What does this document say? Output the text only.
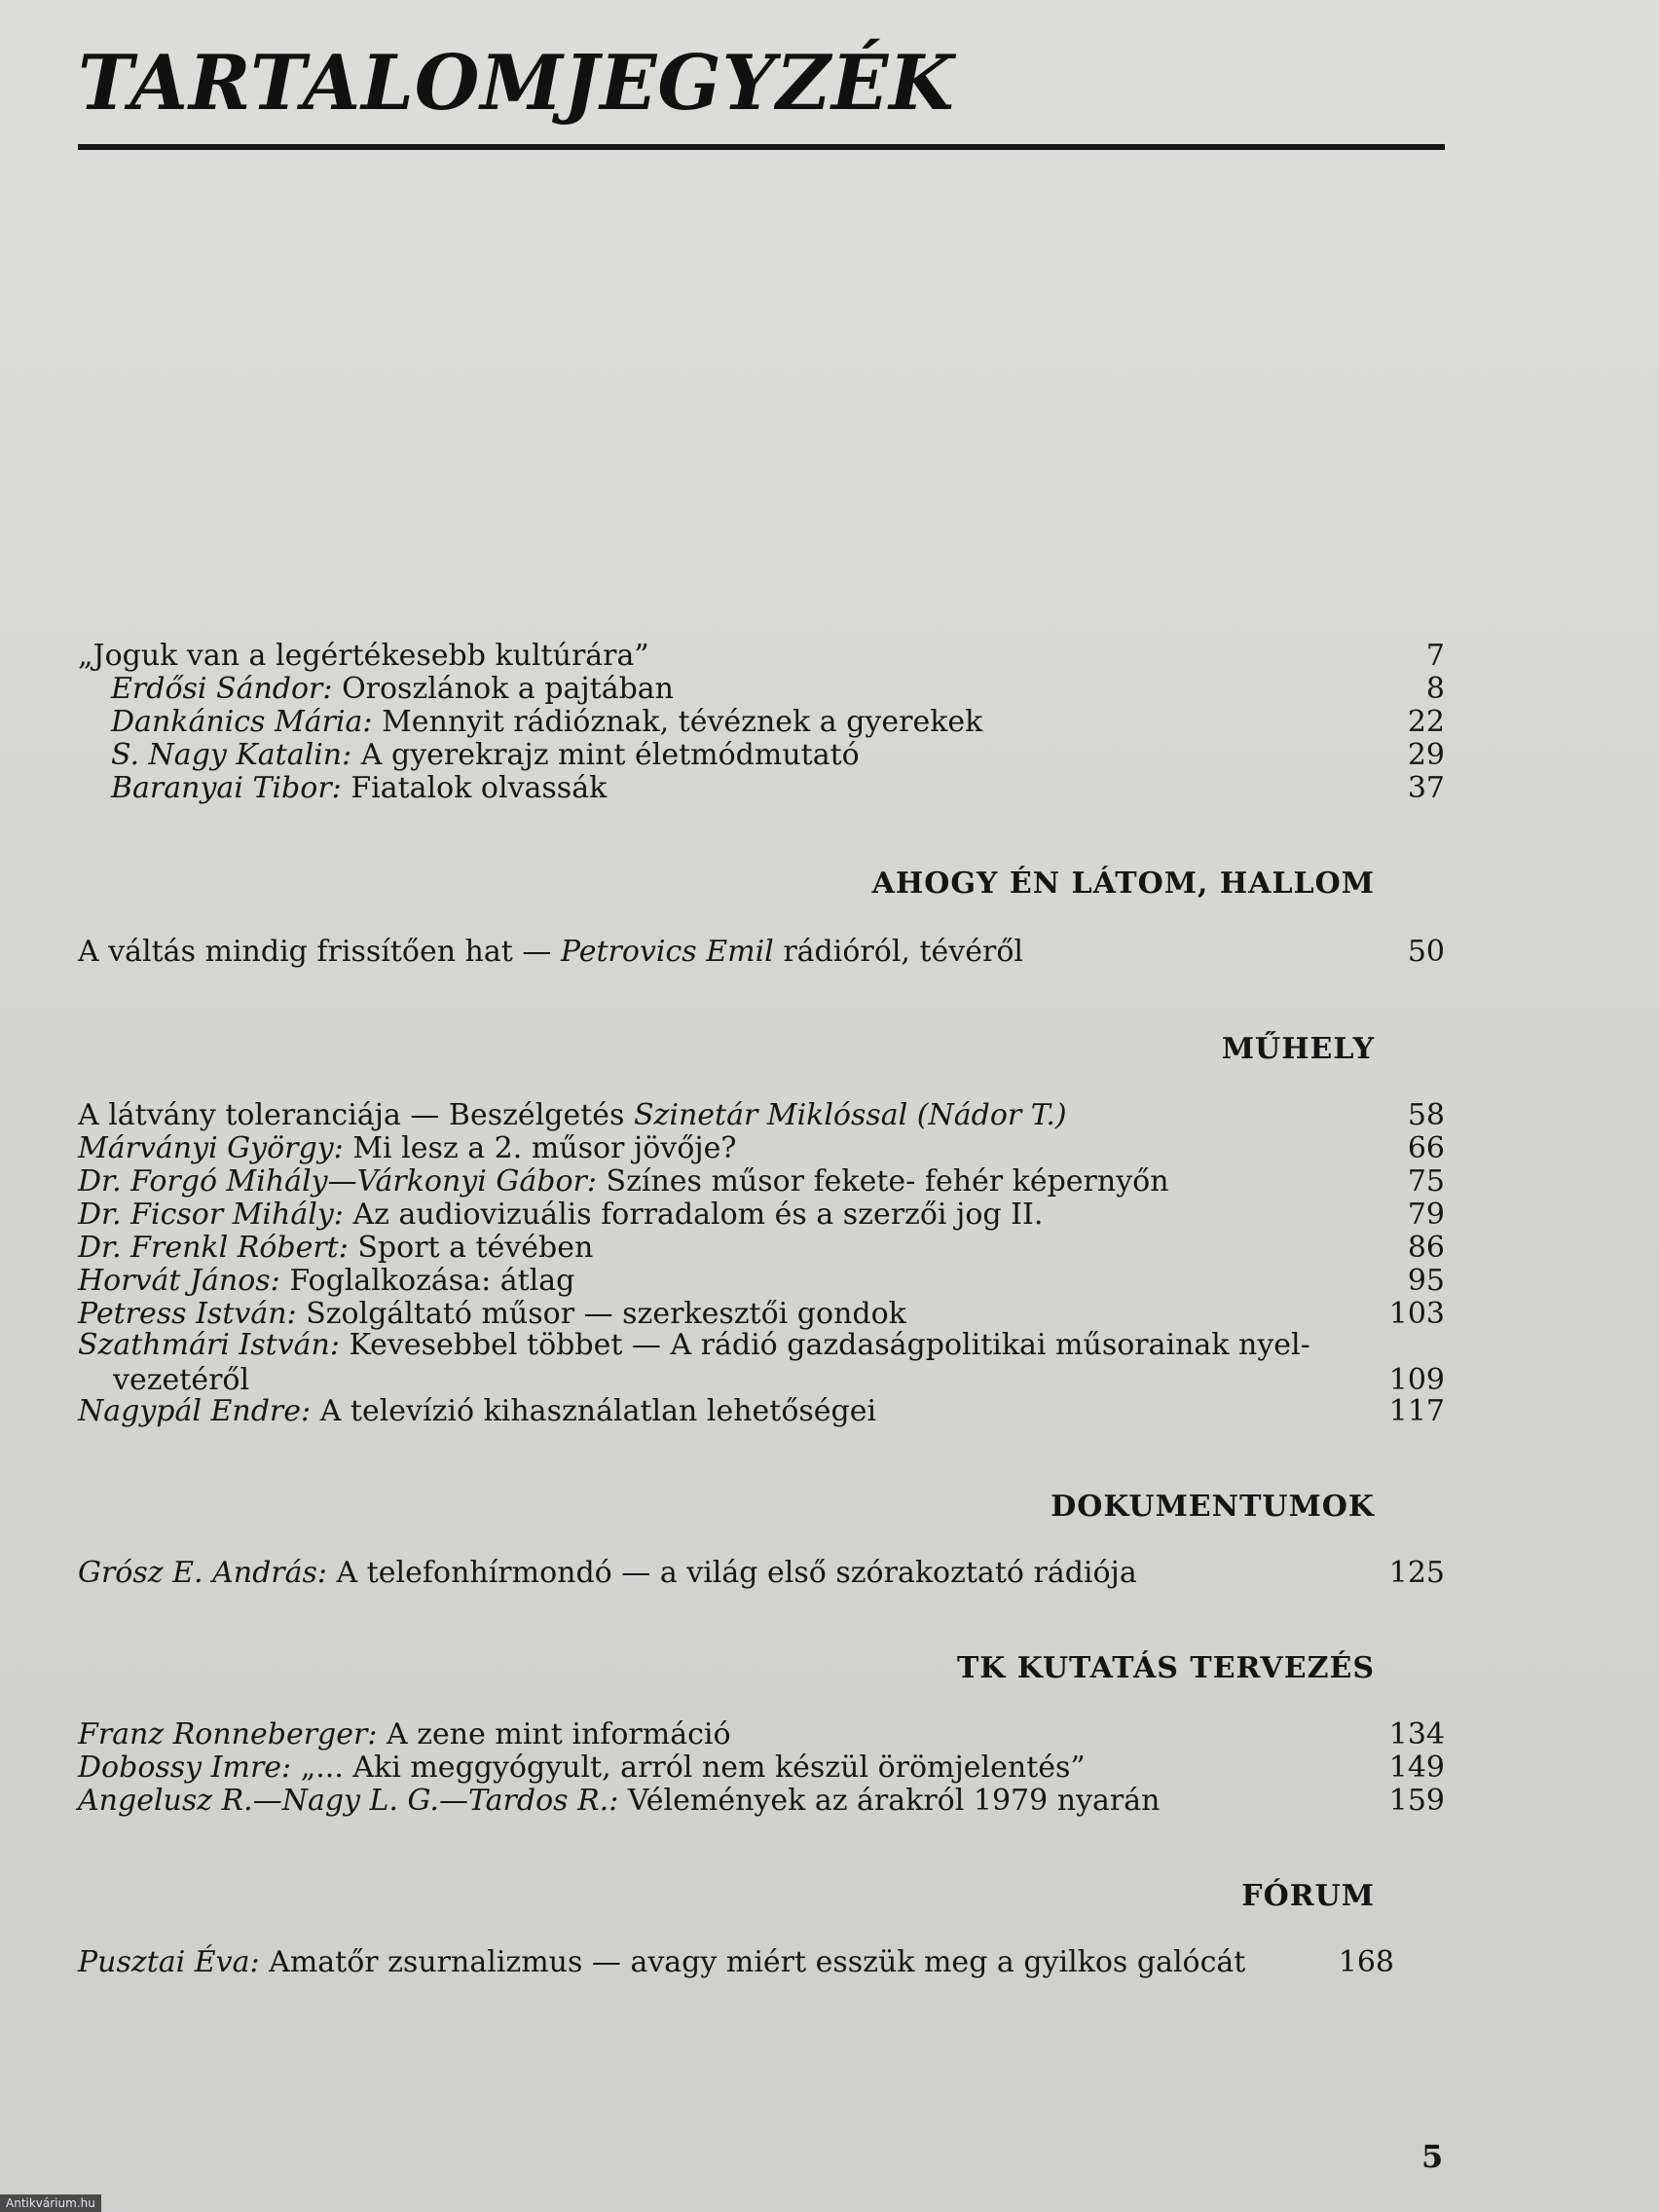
TARTALOMJEGYZÉK
„Joguk van a legértékesebb kultúrára”	7
Erdősi Sándor: Oroszlánok a pajtában	8
Dankánics Mária: Mennyit rádióznak, tévéznek a gyerekek	22
S. Nagy Katalin: A gyerekrajz mint életmódmutató	29
Baranyai Tibor: Fiatalok olvassák	37
AHOGY ÉN LÁTOM, HALLOM
A váltás mindig frissítően hat — Petrovics Emil rádióról, tévéről	50
MŰHELY
A látvány toleranciája — Beszélgetés Szinetár Miklóssal (Nádor T.)	58
Márványi György: Mi lesz a 2. műsor jövője?	66
Dr. Forgó Mihály—Várkonyi Gábor: Színes műsor fekete- fehér képernyőn	75
Dr. Ficsor Mihály: Az audiovizuális forradalom és a szerzői jog II.	79
Dr. Frenkl Róbert: Sport a tévében	86
Horvát János: Foglalkozása: átlag	95
Petress István: Szolgáltató műsor — szerkesztői gondok	103
Szathmári István: Kevesebbel többet — A rádió gazdaságpolitikai műsorainak nyel-
vezetéről	109
Nagypál Endre: A televízió kihasználatlan lehetőségei	117
DOKUMENTUMOK
Grósz E. András: A telefonhírmondó — a világ első szórakoztató rádiója	125
TK KUTATÁS TERVEZÉS
Franz Ronneberger: A zene mint információ	134
Dobossy Imre: „... Aki meggyógyult, arról nem készül örömjelentés”	149
Angelusz R.—Nagy L. G.—Tardos R.: Vélemények az árakról 1979 nyarán	159
FÓRUM
Pusztai Éva: Amatőr zsurnalizmus — avagy miért esszük meg a gyilkos galócát	168
5
Antikvárium.hu
